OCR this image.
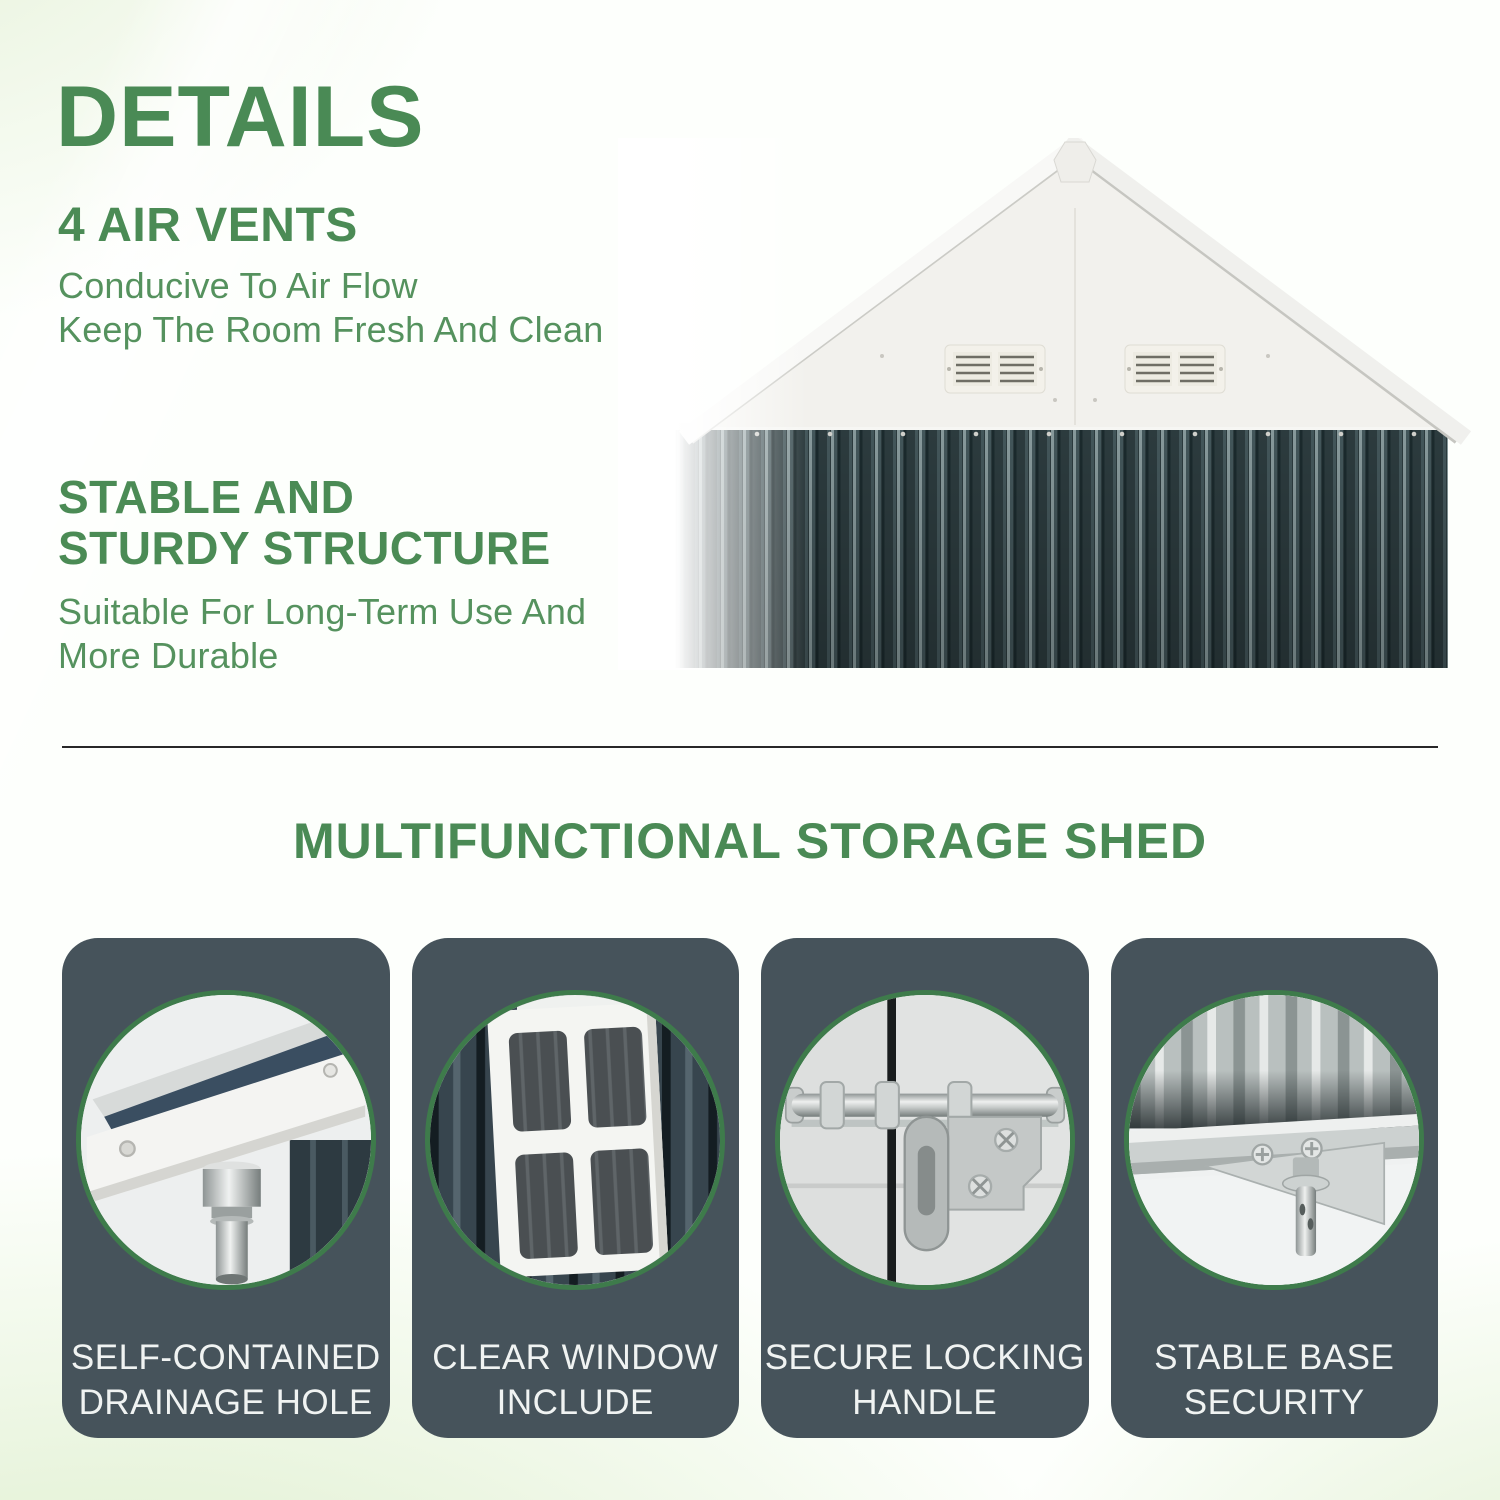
DETAILS
4 AIR VENTS
Conducive To Air Flow
Keep The Room Fresh And Clean
STABLE AND
STURDY STRUCTURE
Suitable For Long-Term Use And
More Durable
MULTIFUNCTIONAL STORAGE SHED
SELF-CONTAINED
DRAINAGE HOLE
CLEAR WINDOW
INCLUDE
SECURE LOCKING
HANDLE
STABLE BASE
SECURITY
